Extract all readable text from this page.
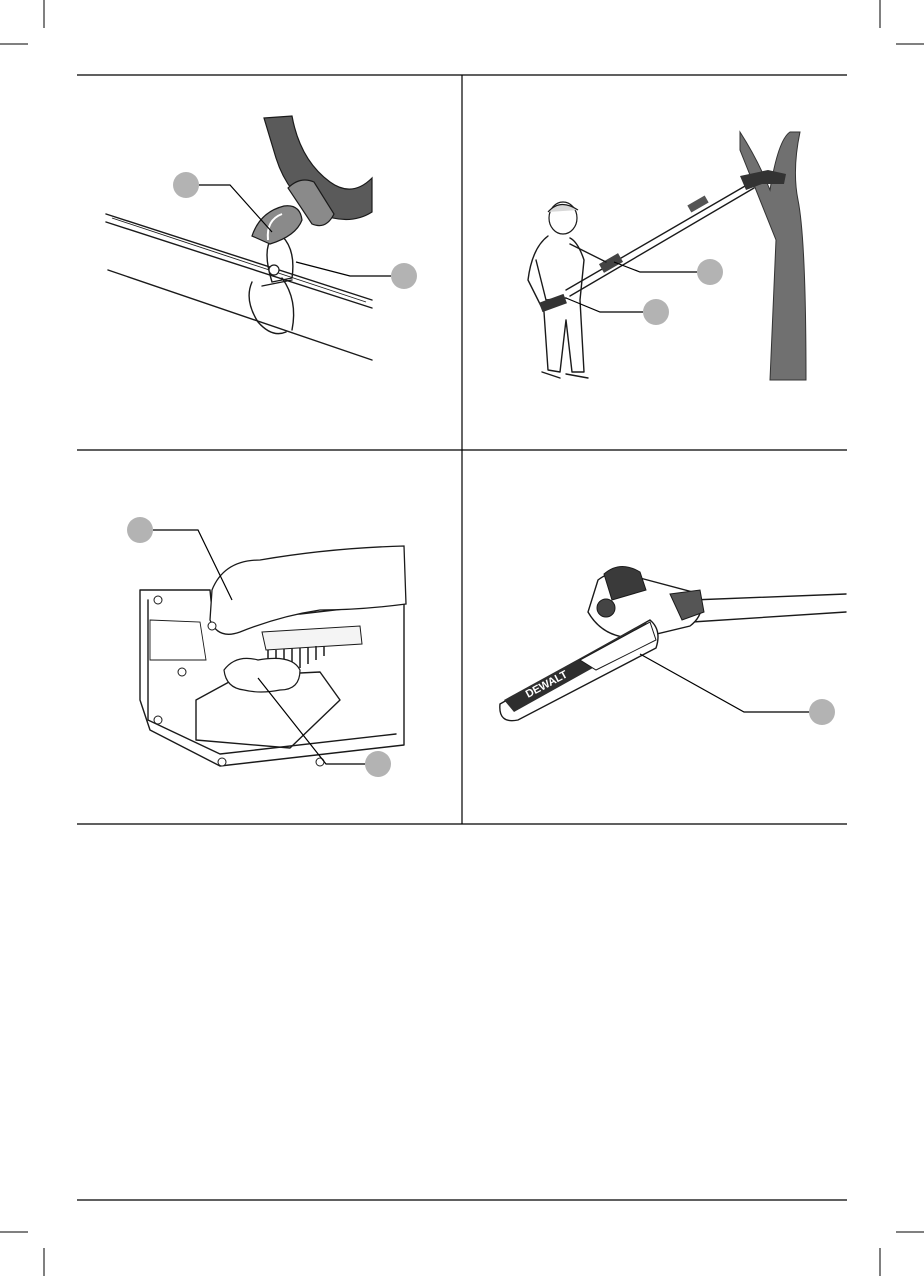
DEWALT
